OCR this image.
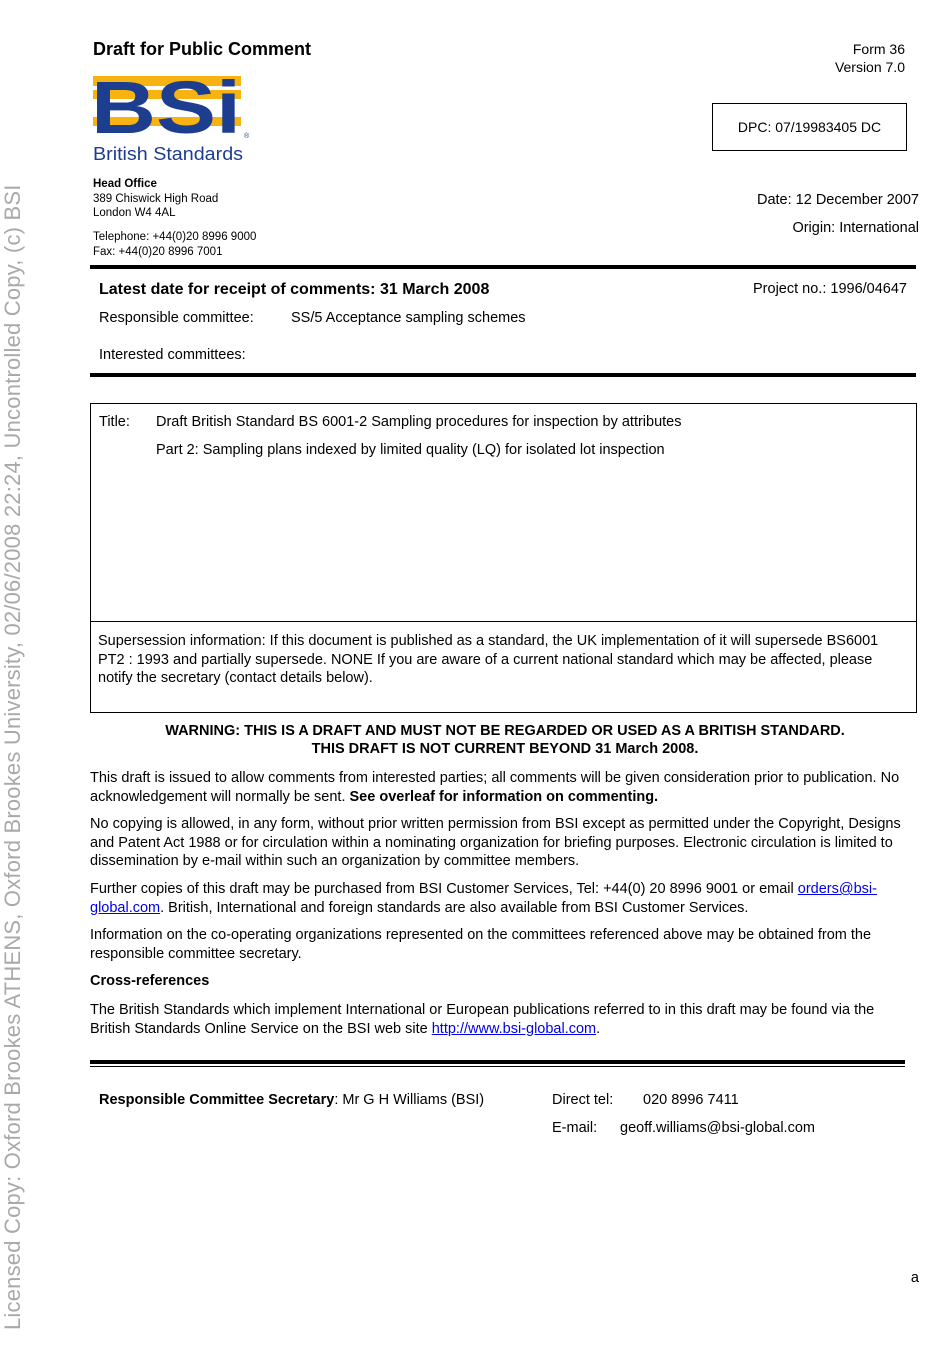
Licensed Copy: Oxford Brookes ATHENS, Oxford Brookes University, 02/06/2008 22:24, Uncontrolled Copy, (c) BSI
Draft for Public Comment	Form 36
Version 7.0
DPC: 07/19983405 DC
BSi ®
British Standards
Head Office
389 Chiswick High Road
London W4 4AL
Telephone: +44(0)20 8996 9000
Fax: +44(0)20 8996 7001
Date: 12 December 2007
Origin: International
Latest date for receipt of comments: 31 March 2008	Project no.: 1996/04647
Responsible committee:	SS/5 Acceptance sampling schemes
Interested committees:
Title: Draft British Standard BS 6001-2 Sampling procedures for inspection by attributes
Part 2: Sampling plans indexed by limited quality (LQ) for isolated lot inspection
Supersession information: If this document is published as a standard, the UK implementation of it will supersede BS6001 PT2 : 1993 and partially supersede. NONE If you are aware of a current national standard which may be affected, please notify the secretary (contact details below).
WARNING: THIS IS A DRAFT AND MUST NOT BE REGARDED OR USED AS A BRITISH STANDARD.
THIS DRAFT IS NOT CURRENT BEYOND 31 March 2008.
This draft is issued to allow comments from interested parties; all comments will be given consideration prior to publication. No acknowledgement will normally be sent. See overleaf for information on commenting.
No copying is allowed, in any form, without prior written permission from BSI except as permitted under the Copyright, Designs and Patent Act 1988 or for circulation within a nominating organization for briefing purposes. Electronic circulation is limited to dissemination by e-mail within such an organization by committee members.
Further copies of this draft may be purchased from BSI Customer Services, Tel: +44(0) 20 8996 9001 or email orders@bsi-global.com. British, International and foreign standards are also available from BSI Customer Services.
Information on the co-operating organizations represented on the committees referenced above may be obtained from the responsible committee secretary.
Cross-references
The British Standards which implement International or European publications referred to in this draft may be found via the British Standards Online Service on the BSI web site http://www.bsi-global.com.
Responsible Committee Secretary: Mr G H Williams (BSI)	Direct tel: 020 8996 7411
E-mail: geoff.williams@bsi-global.com
a
